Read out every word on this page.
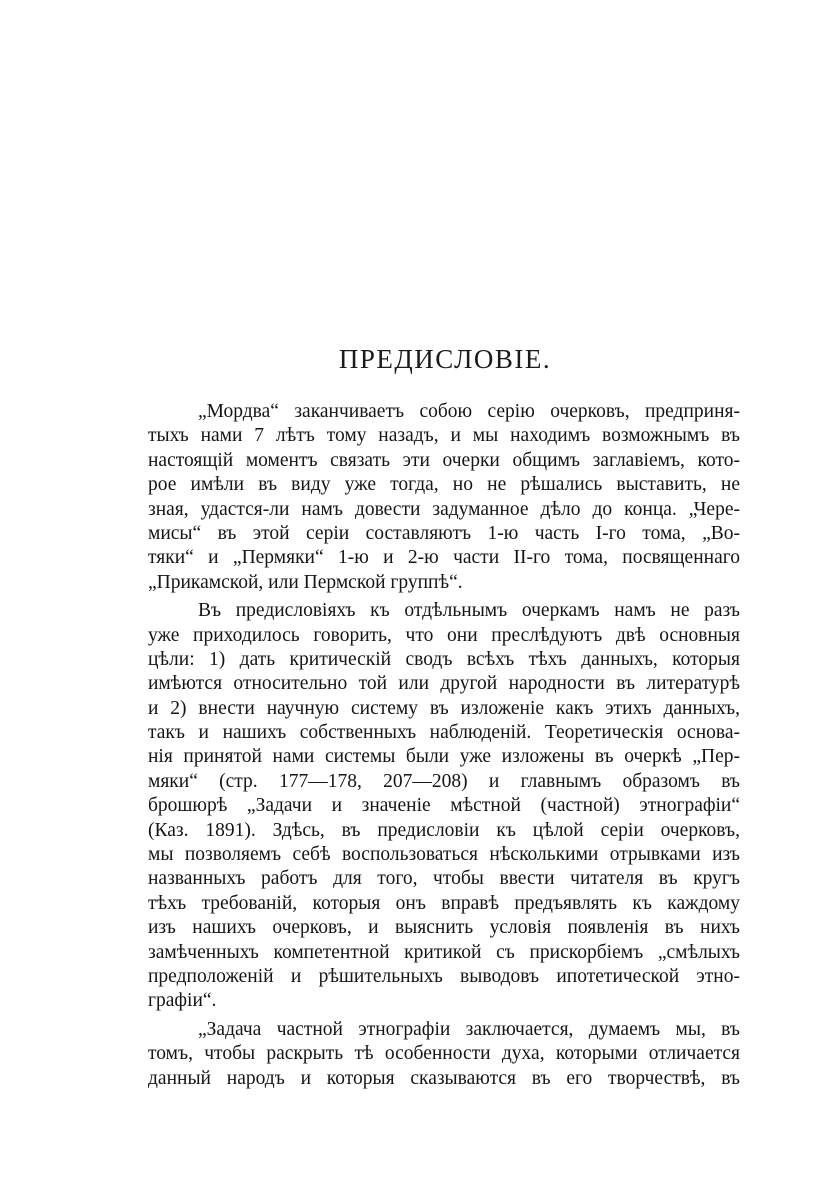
ПРЕДИСЛОВІЕ.
„Мордва“ заканчиваетъ собою серію очерковъ, предприня-
тыхъ нами 7 лѣтъ тому назадъ, и мы находимъ возможнымъ въ
настоящій моментъ связать эти очерки общимъ заглавіемъ, кото-
рое имѣли въ виду уже тогда, но не рѣшались выставить, не
зная, удастся-ли намъ довести задуманное дѣло до конца. „Черe-
мисы“ въ этой серіи составляютъ 1-ю часть I-го тома, „Во-
тяки“ и „Пермяки“ 1-ю и 2-ю части II-го тома, посвященнаго
„Прикамской, или Пермской группѣ“.
Въ предисловіяхъ къ отдѣльнымъ очеркамъ намъ не разъ
уже приходилось говорить, что они преслѣдуютъ двѣ основныя
цѣли: 1) дать критическій сводъ всѣхъ тѣхъ данныхъ, которыя
имѣются относительно той или другой народности въ литературѣ
и 2) внести научную систему въ изложеніе какъ этихъ данныхъ,
такъ и нашихъ собственныхъ наблюденій. Теоретическія основа-
нія принятой нами системы были уже изложены въ очеркѣ „Пер-
мяки“ (стр. 177—178, 207—208) и главнымъ образомъ въ
брошюрѣ „Задачи и значеніе мѣстной (частной) этнографіи“
(Каз. 1891). Здѣсь, въ предисловіи къ цѣлой серіи очерковъ,
мы позволяемъ себѣ воспользоваться нѣсколькими отрывками изъ
названныхъ работъ для того, чтобы ввести читателя въ кругъ
тѣхъ требованій, которыя онъ вправѣ предъявлять къ каждому
изъ нашихъ очерковъ, и выяснить условія появленія въ нихъ
замѣченныхъ компетентной критикой съ прискорбіемъ „смѣлыхъ
предположеній и рѣшительныхъ выводовъ ипотетической этно-
графіи“.
„Задача частной этнографіи заключается, думаемъ мы, въ
томъ, чтобы раскрыть тѣ особенности духа, которыми отличается
данный народъ и которыя сказываются въ его творчествѣ, въ
